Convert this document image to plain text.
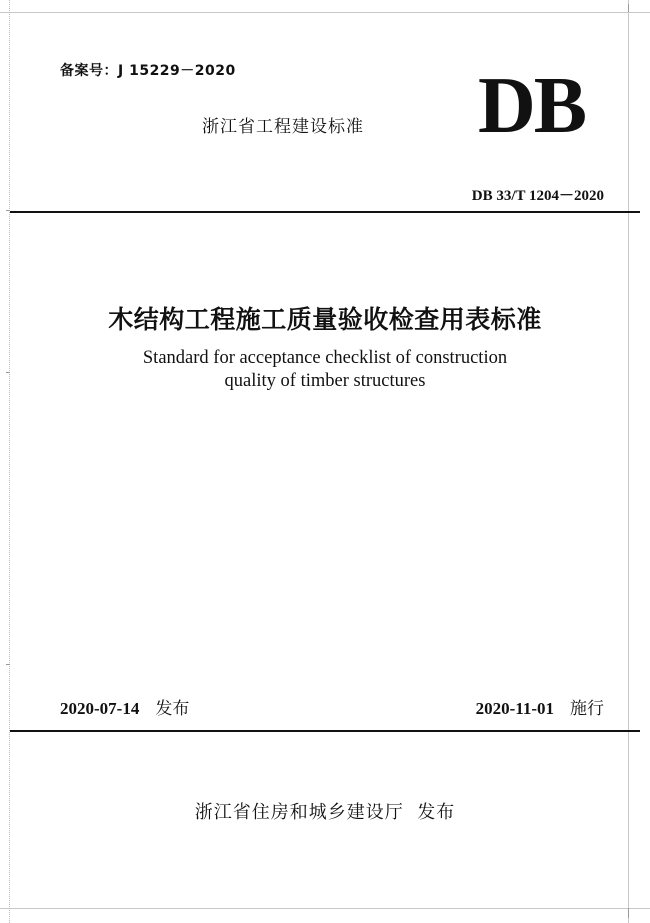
备案号：J 15229－2020
浙江省工程建设标准 DB
DB 33/T 1204－2020
木结构工程施工质量验收检查用表标准
Standard for acceptance checklist of construction
quality of timber structures
2020-07-14 发布	2020-11-01 施行
浙江省住房和城乡建设厅  发布
